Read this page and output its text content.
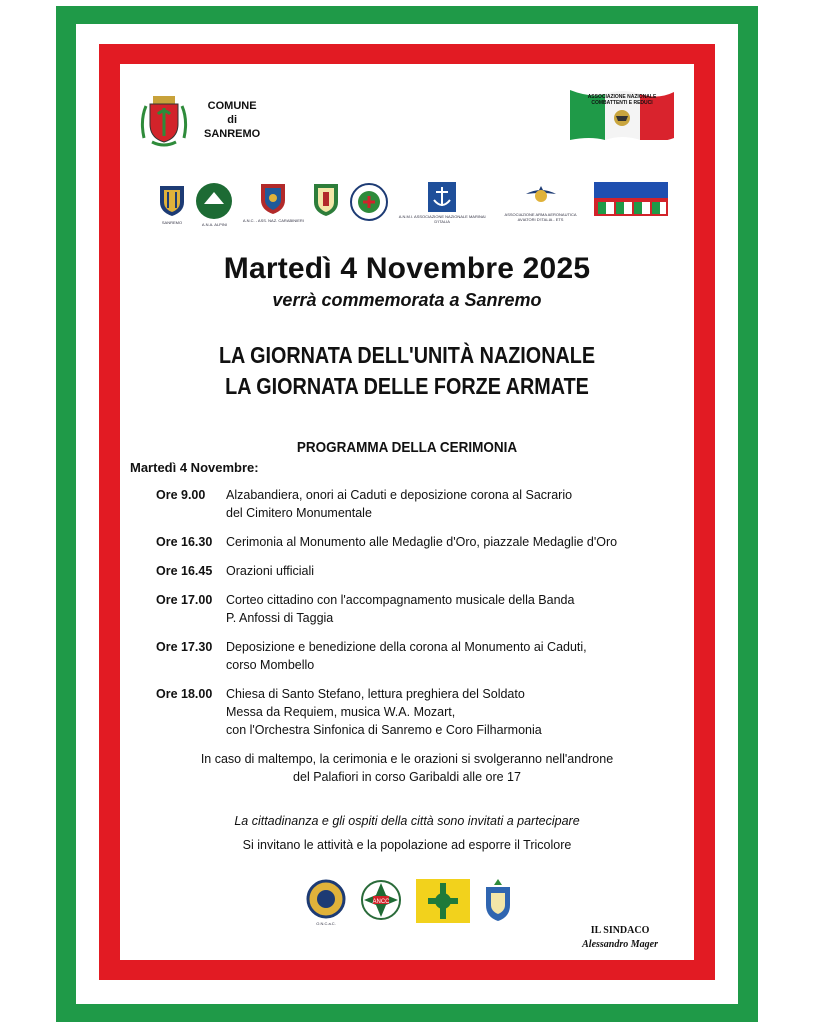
COMUNE
di
SANREMO
ASSOCIAZIONE NAZIONALE COMBATTENTI E REDUCI
SANREMO	A.N.A. ALPINI
A.N.C. - ASS. NAZ. CARABINIERI
A.N.M.I. ASSOCIAZIONE NAZIONALE MARINAI D'ITALIA
ASSOCIAZIONE ARMA AERONAUTICA AVIATORI D'ITALIA - ETS
Martedì 4 Novembre 2025
verrà commemorata a Sanremo
LA GIORNATA DELL'UNITÀ NAZIONALE
LA GIORNATA DELLE FORZE ARMATE
PROGRAMMA DELLA CERIMONIA
Martedì 4 Novembre:
Ore 9.00	Alzabandiera, onori ai Caduti e deposizione corona al Sacrario
del Cimitero Monumentale
Ore 16.30	Cerimonia al Monumento alle Medaglie d'Oro, piazzale Medaglie d'Oro
Ore 16.45	Orazioni ufficiali
Ore 17.00	Corteo cittadino con l'accompagnamento musicale della Banda
P. Anfossi di Taggia
Ore 17.30	Deposizione e benedizione della corona al Monumento ai Caduti,
corso Mombello
Ore 18.00	Chiesa di Santo Stefano, lettura preghiera del Soldato
Messa da Requiem, musica W.A. Mozart,
con l'Orchestra Sinfonica di Sanremo e Coro Filharmonia
In caso di maltempo, la cerimonia e le orazioni si svolgeranno nell'androne
del Palafiori in corso Garibaldi alle ore 17
La cittadinanza e gli ospiti della città sono invitati a partecipare
Si invitano le attività e la popolazione ad esporre il Tricolore
O.N.C.a.C.
ANCC
IL SINDACO
Alessandro Mager
